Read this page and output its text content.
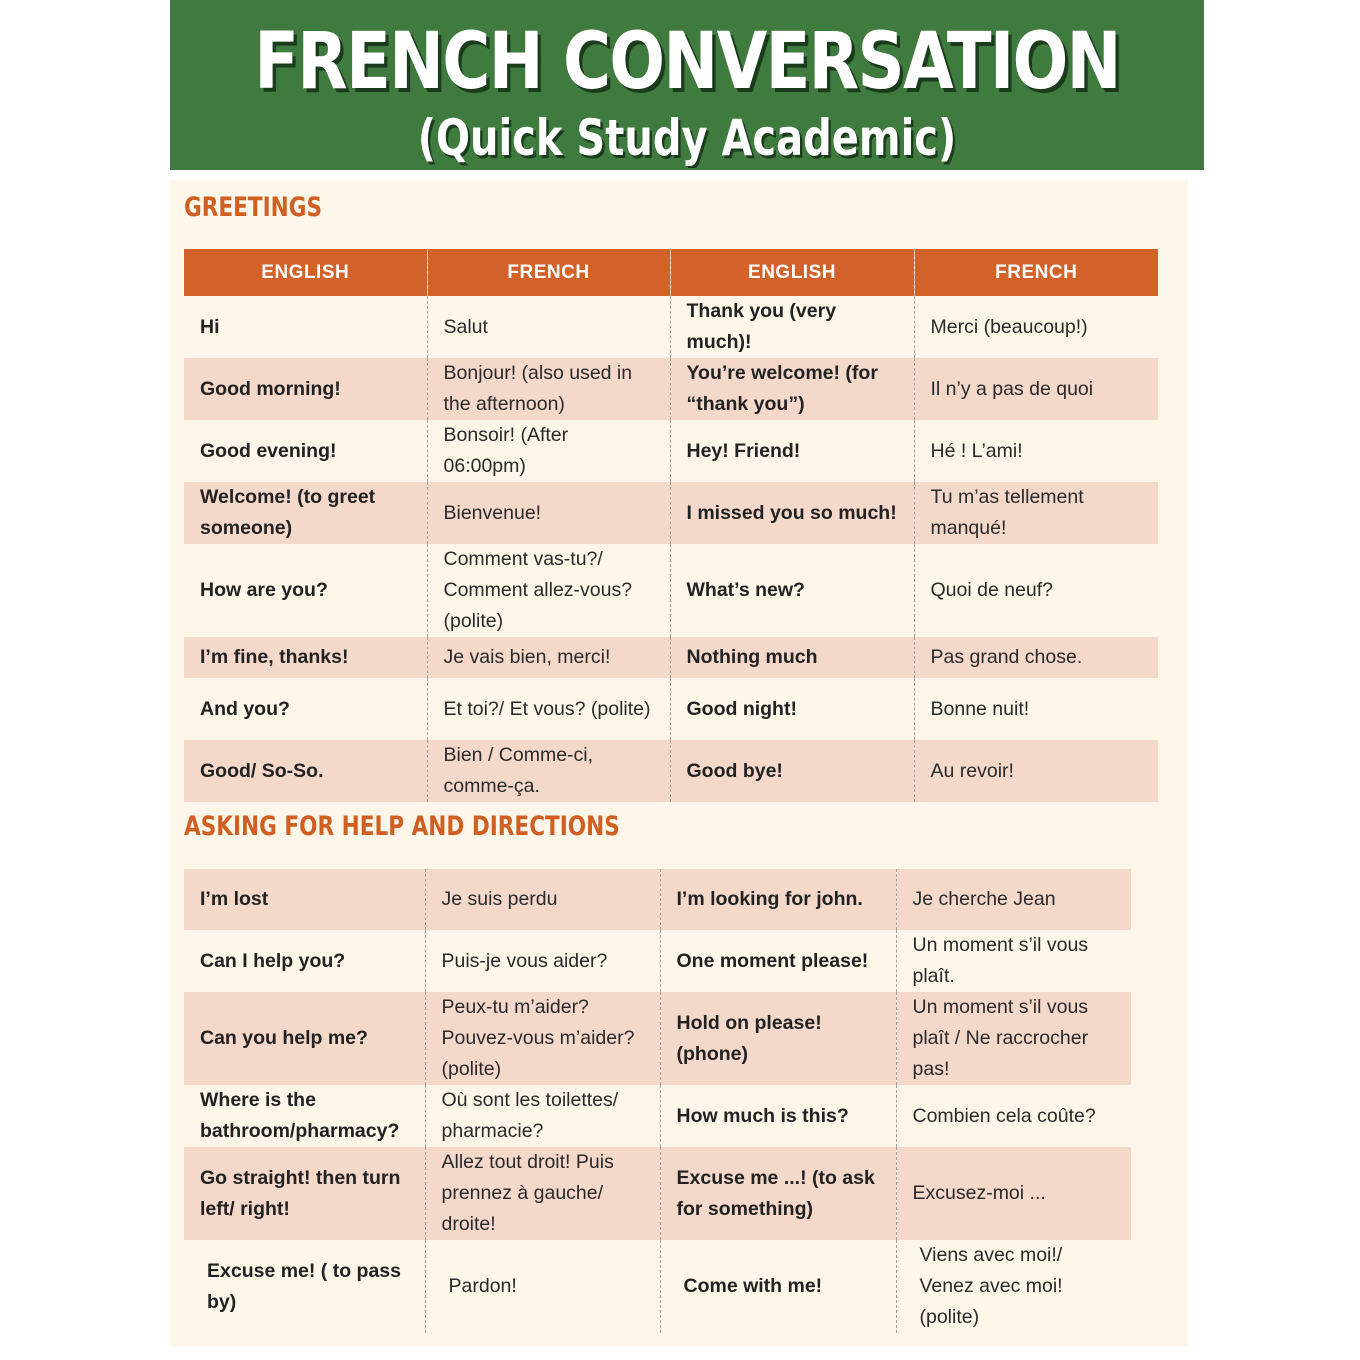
FRENCH CONVERSATION
(Quick Study Academic)
GREETINGS
ENGLISH	FRENCH	ENGLISH	FRENCH
Hi	Salut	Thank you (very much)!	Merci (beaucoup!)
Good morning!	Bonjour! (also used in the afternoon)	You’re welcome! (for “thank you”)	Il n’y a pas de quoi
Good evening!	Bonsoir! (After 06:00pm)	Hey! Friend!	Hé ! L’ami!
Welcome! (to greet someone)	Bienvenue!	I missed you so much!	Tu m’as tellement manqué!
How are you?	Comment vas-tu?/ Comment allez-vous? (polite)	What’s new?	Quoi de neuf?
I’m fine, thanks!	Je vais bien, merci!	Nothing much	Pas grand chose.
And you?	Et toi?/ Et vous? (polite)	Good night!	Bonne nuit!
Good/ So-So.	Bien / Comme-ci, comme-ça.	Good bye!	Au revoir!
ASKING FOR HELP AND DIRECTIONS
I’m lost	Je suis perdu	I’m looking for john.	Je cherche Jean
Can I help you?	Puis-je vous aider?	One moment please!	Un moment s’il vous plaît.
Can you help me?	Peux-tu m’aider? Pouvez-vous m’aider? (polite)	Hold on please! (phone)	Un moment s’il vous plaît / Ne raccrocher pas!
Where is the bathroom/pharmacy?	Où sont les toilettes/ pharmacie?	How much is this?	Combien cela coûte?
Go straight! then turn left/ right!	Allez tout droit! Puis prennez à gauche/ droite!	Excuse me ...! (to ask for something)	Excusez-moi ...
Excuse me! ( to pass by)	Pardon!	Come with me!	Viens avec moi!/ Venez avec moi! (polite)
